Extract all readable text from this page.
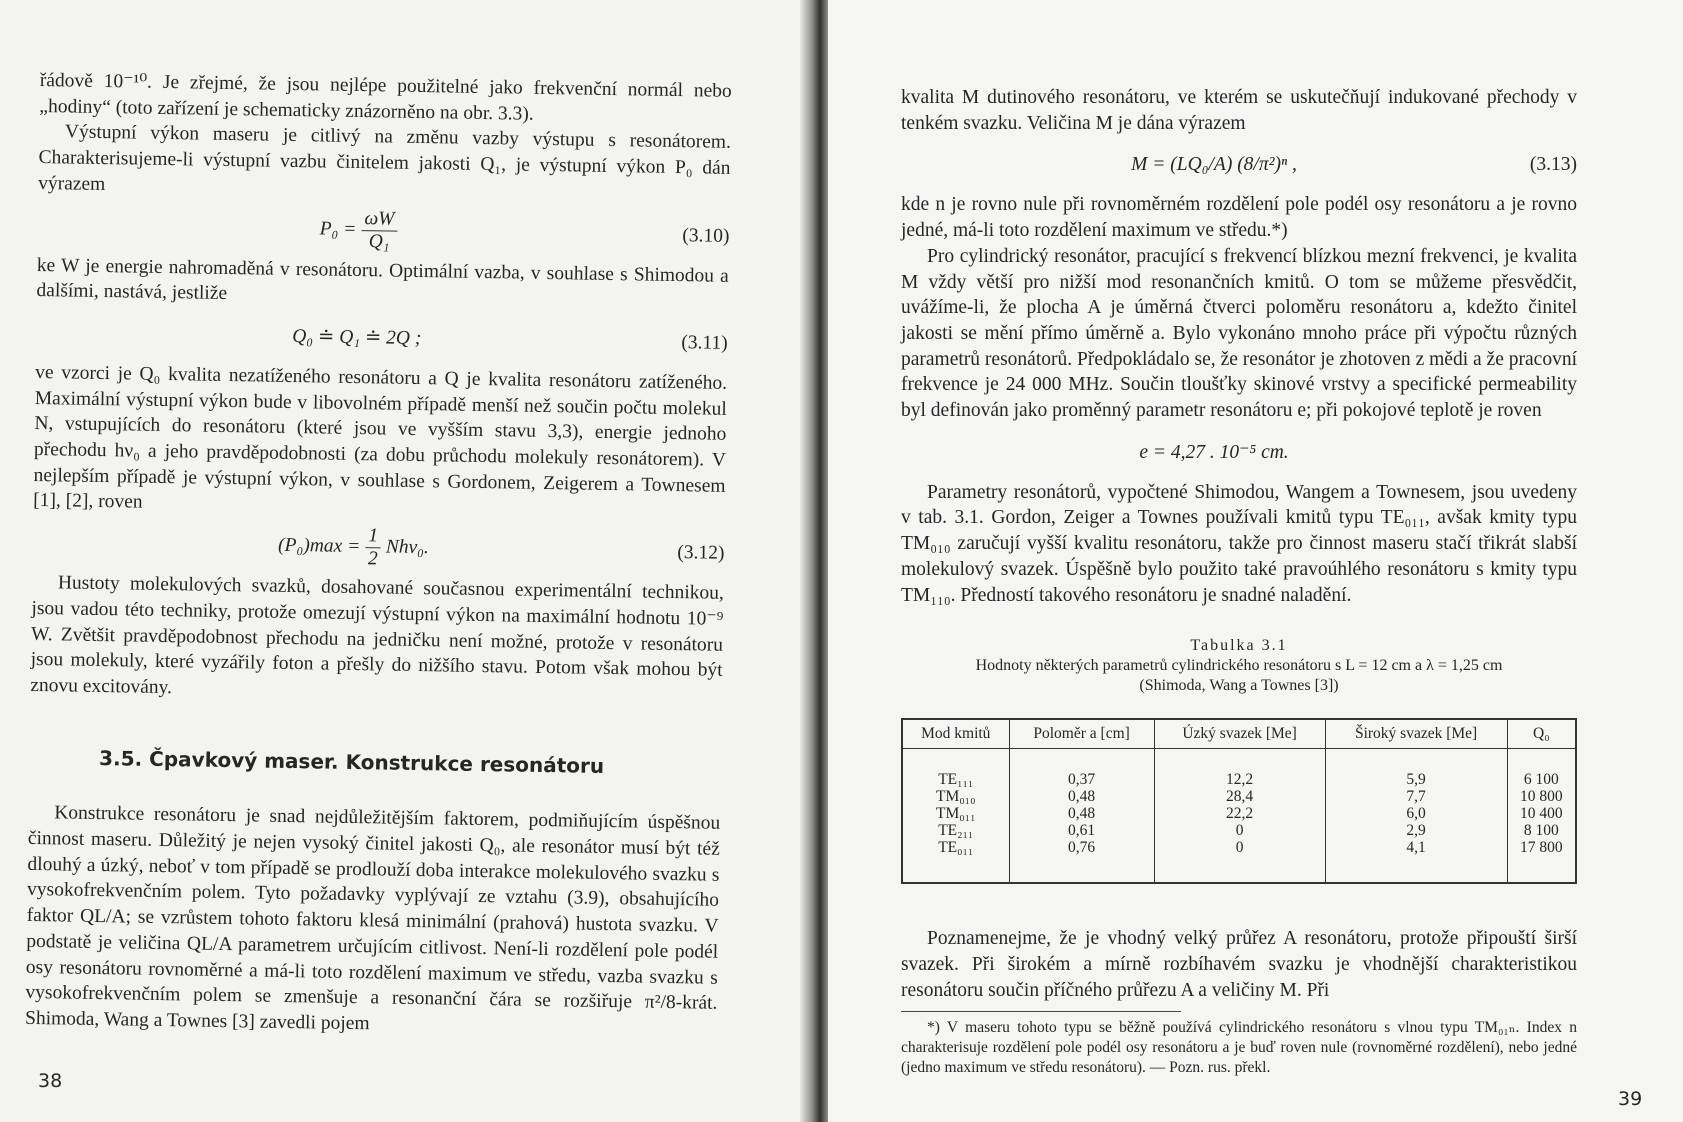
řádově 10⁻¹⁰. Je zřejmé, že jsou nejlépe použitelné jako frekvenční normál nebo „hodiny“ (toto zařízení je schematicky znázorněno na obr. 3.3).

Výstupní výkon maseru je citlivý na změnu vazby výstupu s resonátorem. Charakterisujeme-li výstupní vazbu činitelem jakosti Q₁, je výstupní výkon P₀ dán výrazem

$P_0 = \frac{\omega W}{\text{Q₁}}$	(3.10)

ke W je energie nahromaděná v resonátoru. Optimální vazba, v souhlase s Shimodou a dalšími, nastává, jestliže

Q₀ ≐ Q₁ ≐ 2Q ;	(3.11)

ve vzorci je Q₀ kvalita nezatíženého resonátoru a Q je kvalita resonátoru zatíženého. Maximální výstupní výkon bude v libovolném případě menší než součin počtu molekul N, vstupujících do resonátoru (které jsou ve vyšším stavu 3,3), energie jednoho přechodu hν₀ a jeho pravděpodobnosti (za dobu průchodu molekuly resonátorem). V nejlepším případě je výstupní výkon, v souhlase s Gordonem, Zeigerem a Townesem [1], [2], roven

$(P_0)\max = \frac{1}{2} Nh\nu_0$.	(3.12)

Hustoty molekulových svazků, dosahované současnou experimentální technikou, jsou vadou této techniky, protože omezují výstupní výkon na maximální hodnotu 10⁻⁹ W. Zvětšit pravděpodobnost přechodu na jedničku není možné, protože v resonátoru jsou molekuly, které vyzářily foton a přešly do nižšího stavu. Potom však mohou být znovu excitovány.

3.5. Čpavkový maser. Konstrukce resonátoru

Konstrukce resonátoru je snad nejdůležitějším faktorem, podmiňujícím úspěšnou činnost maseru. Důležitý je nejen vysoký činitel jakosti Q₀, ale resonátor musí být též dlouhý a úzký, neboť v tom případě se prodlouží doba interakce molekulového svazku s vysokofrekvenčním polem. Tyto požadavky vyplývají ze vztahu (3.9), obsahujícího faktor QL/A; se vzrůstem tohoto faktoru klesá minimální (prahová) hustota svazku. V podstatě je veličina QL/A parametrem určujícím citlivost. Není-li rozdělení pole podél osy resonátoru rovnoměrné a má-li toto rozdělení maximum ve středu, vazba svazku s vysokofrekvenčním polem se zmenšuje a resonanční čára se rozšiřuje π²/8-krát. Shimoda, Wang a Townes [3] zavedli pojem

38

kvalita M dutinového resonátoru, ve kterém se uskutečňují indukované přechody v tenkém svazku. Veličina M je dána výrazem

M = (LQ₀/A) (8/π²)ⁿ ,	(3.13)

kde n je rovno nule při rovnoměrném rozdělení pole podél osy resonátoru a je rovno jedné, má-li toto rozdělení maximum ve středu.*)

Pro cylindrický resonátor, pracující s frekvencí blízkou mezní frekvenci, je kvalita M vždy větší pro nižší mod resonančních kmitů. O tom se můžeme přesvědčit, uvážíme-li, že plocha A je úměrná čtverci poloměru resonátoru a, kdežto činitel jakosti se mění přímo úměrně a. Bylo vykonáno mnoho práce při výpočtu různých parametrů resonátorů. Předpokládalo se, že resonátor je zhotoven z mědi a že pracovní frekvence je 24 000 MHz. Součin tloušťky skinové vrstvy a specifické permeability byl definován jako proměnný parametr resonátoru e; při pokojové teplotě je roven

e = 4,27 . 10⁻⁵ cm.

Parametry resonátorů, vypočtené Shimodou, Wangem a Townesem, jsou uvedeny v tab. 3.1. Gordon, Zeiger a Townes používali kmitů typu TE₀₁₁, avšak kmity typu TM₀₁₀ zaručují vyšší kvalitu resonátoru, takže pro činnost maseru stačí třikrát slabší molekulový svazek. Úspěšně bylo použito také pravoúhlého resonátoru s kmity typu TM₁₁₀. Předností takového resonátoru je snadné naladění.

Tabulka 3.1
Hodnoty některých parametrů cylindrického resonátoru s L = 12 cm a λ = 1,25 cm
(Shimoda, Wang a Townes [3])
Mod kmitů	Poloměr a [cm]	Úzký svazek [Me]	Široký svazek [Me]	Q₀
TE₁₁₁	0,37	12,2	5,9	6 100
TM₀₁₀	0,48	28,4	7,7	10 800
TM₀₁₁	0,48	22,2	6,0	10 400
TE₂₁₁	0,61	0	2,9	8 100
TE₀₁₁	0,76	0	4,1	17 800

Poznamenejme, že je vhodný velký průřez A resonátoru, protože připouští širší svazek. Při širokém a mírně rozbíhavém svazku je vhodnější charakteristikou resonátoru součin příčného průřezu A a veličiny M. Při

*) V maseru tohoto typu se běžně používá cylindrického resonátoru s vlnou typu TM₀₁ₙ. Index n charakterisuje rozdělení pole podél osy resonátoru a je buď roven nule (rovnoměrné rozdělení), nebo jedné (jedno maximum ve středu resonátoru). — Pozn. rus. překl.

39
